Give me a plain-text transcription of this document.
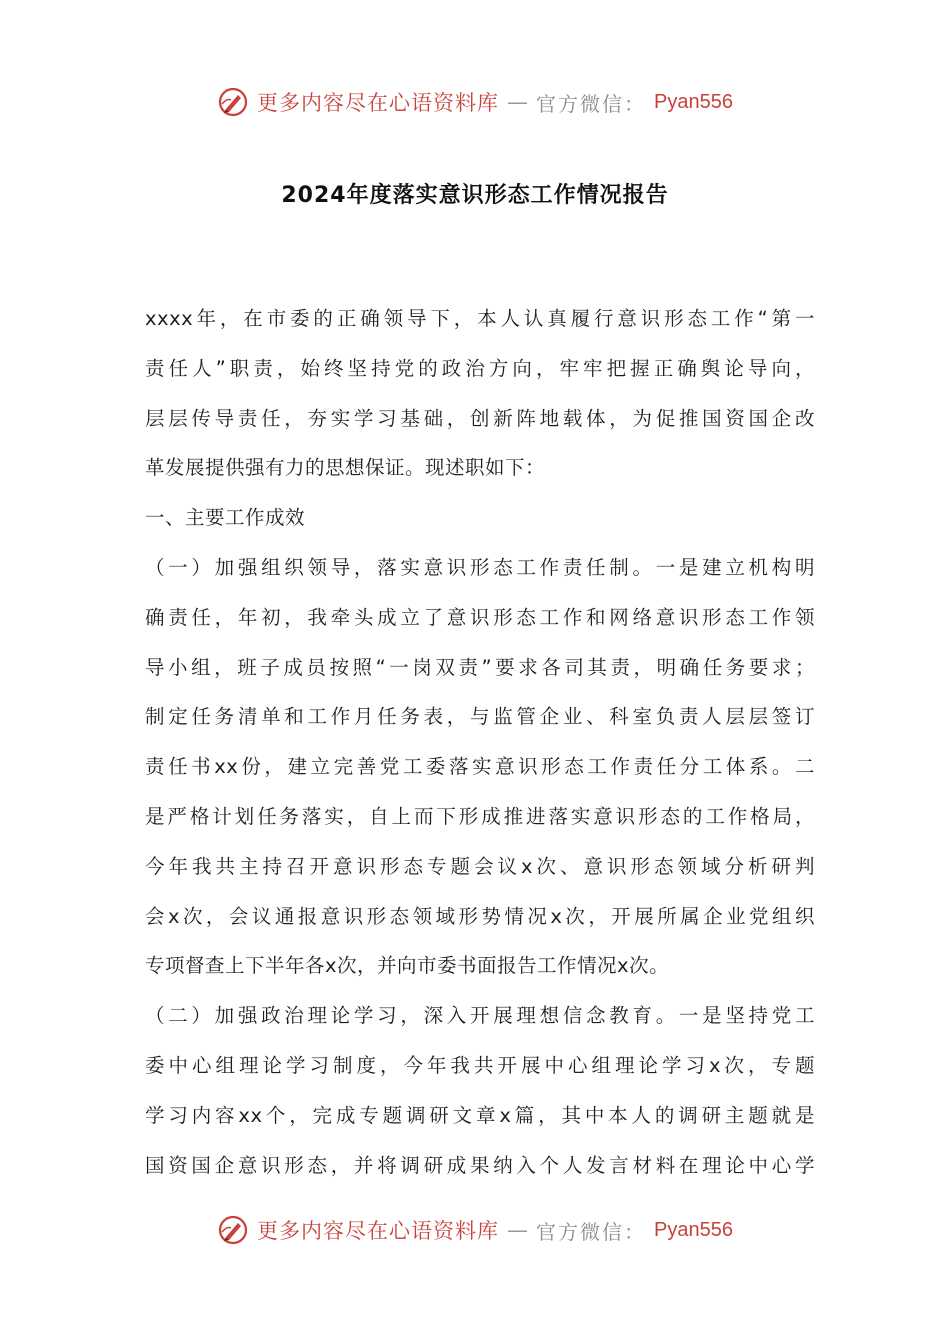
更多内容尽在心语资料库 — 官方微信： Pyan556
2024年度落实意识形态工作情况报告
xxxx年，在市委的正确领导下，本人认真履行意识形态工作“第一
责任人”职责，始终坚持党的政治方向，牢牢把握正确舆论导向，
层层传导责任，夯实学习基础，创新阵地载体，为促推国资国企改
革发展提供强有力的思想保证。现述职如下：
一、主要工作成效
（一）加强组织领导，落实意识形态工作责任制。一是建立机构明
确责任，年初，我牵头成立了意识形态工作和网络意识形态工作领
导小组，班子成员按照“一岗双责”要求各司其责，明确任务要求；
制定任务清单和工作月任务表，与监管企业、科室负责人层层签订
责任书xx份，建立完善党工委落实意识形态工作责任分工体系。二
是严格计划任务落实，自上而下形成推进落实意识形态的工作格局，
今年我共主持召开意识形态专题会议x次、意识形态领域分析研判
会x次，会议通报意识形态领域形势情况x次，开展所属企业党组织
专项督查上下半年各x次，并向市委书面报告工作情况x次。
（二）加强政治理论学习，深入开展理想信念教育。一是坚持党工
委中心组理论学习制度，今年我共开展中心组理论学习x次，专题
学习内容xx个，完成专题调研文章x篇，其中本人的调研主题就是
国资国企意识形态，并将调研成果纳入个人发言材料在理论中心学
更多内容尽在心语资料库 — 官方微信： Pyan556
